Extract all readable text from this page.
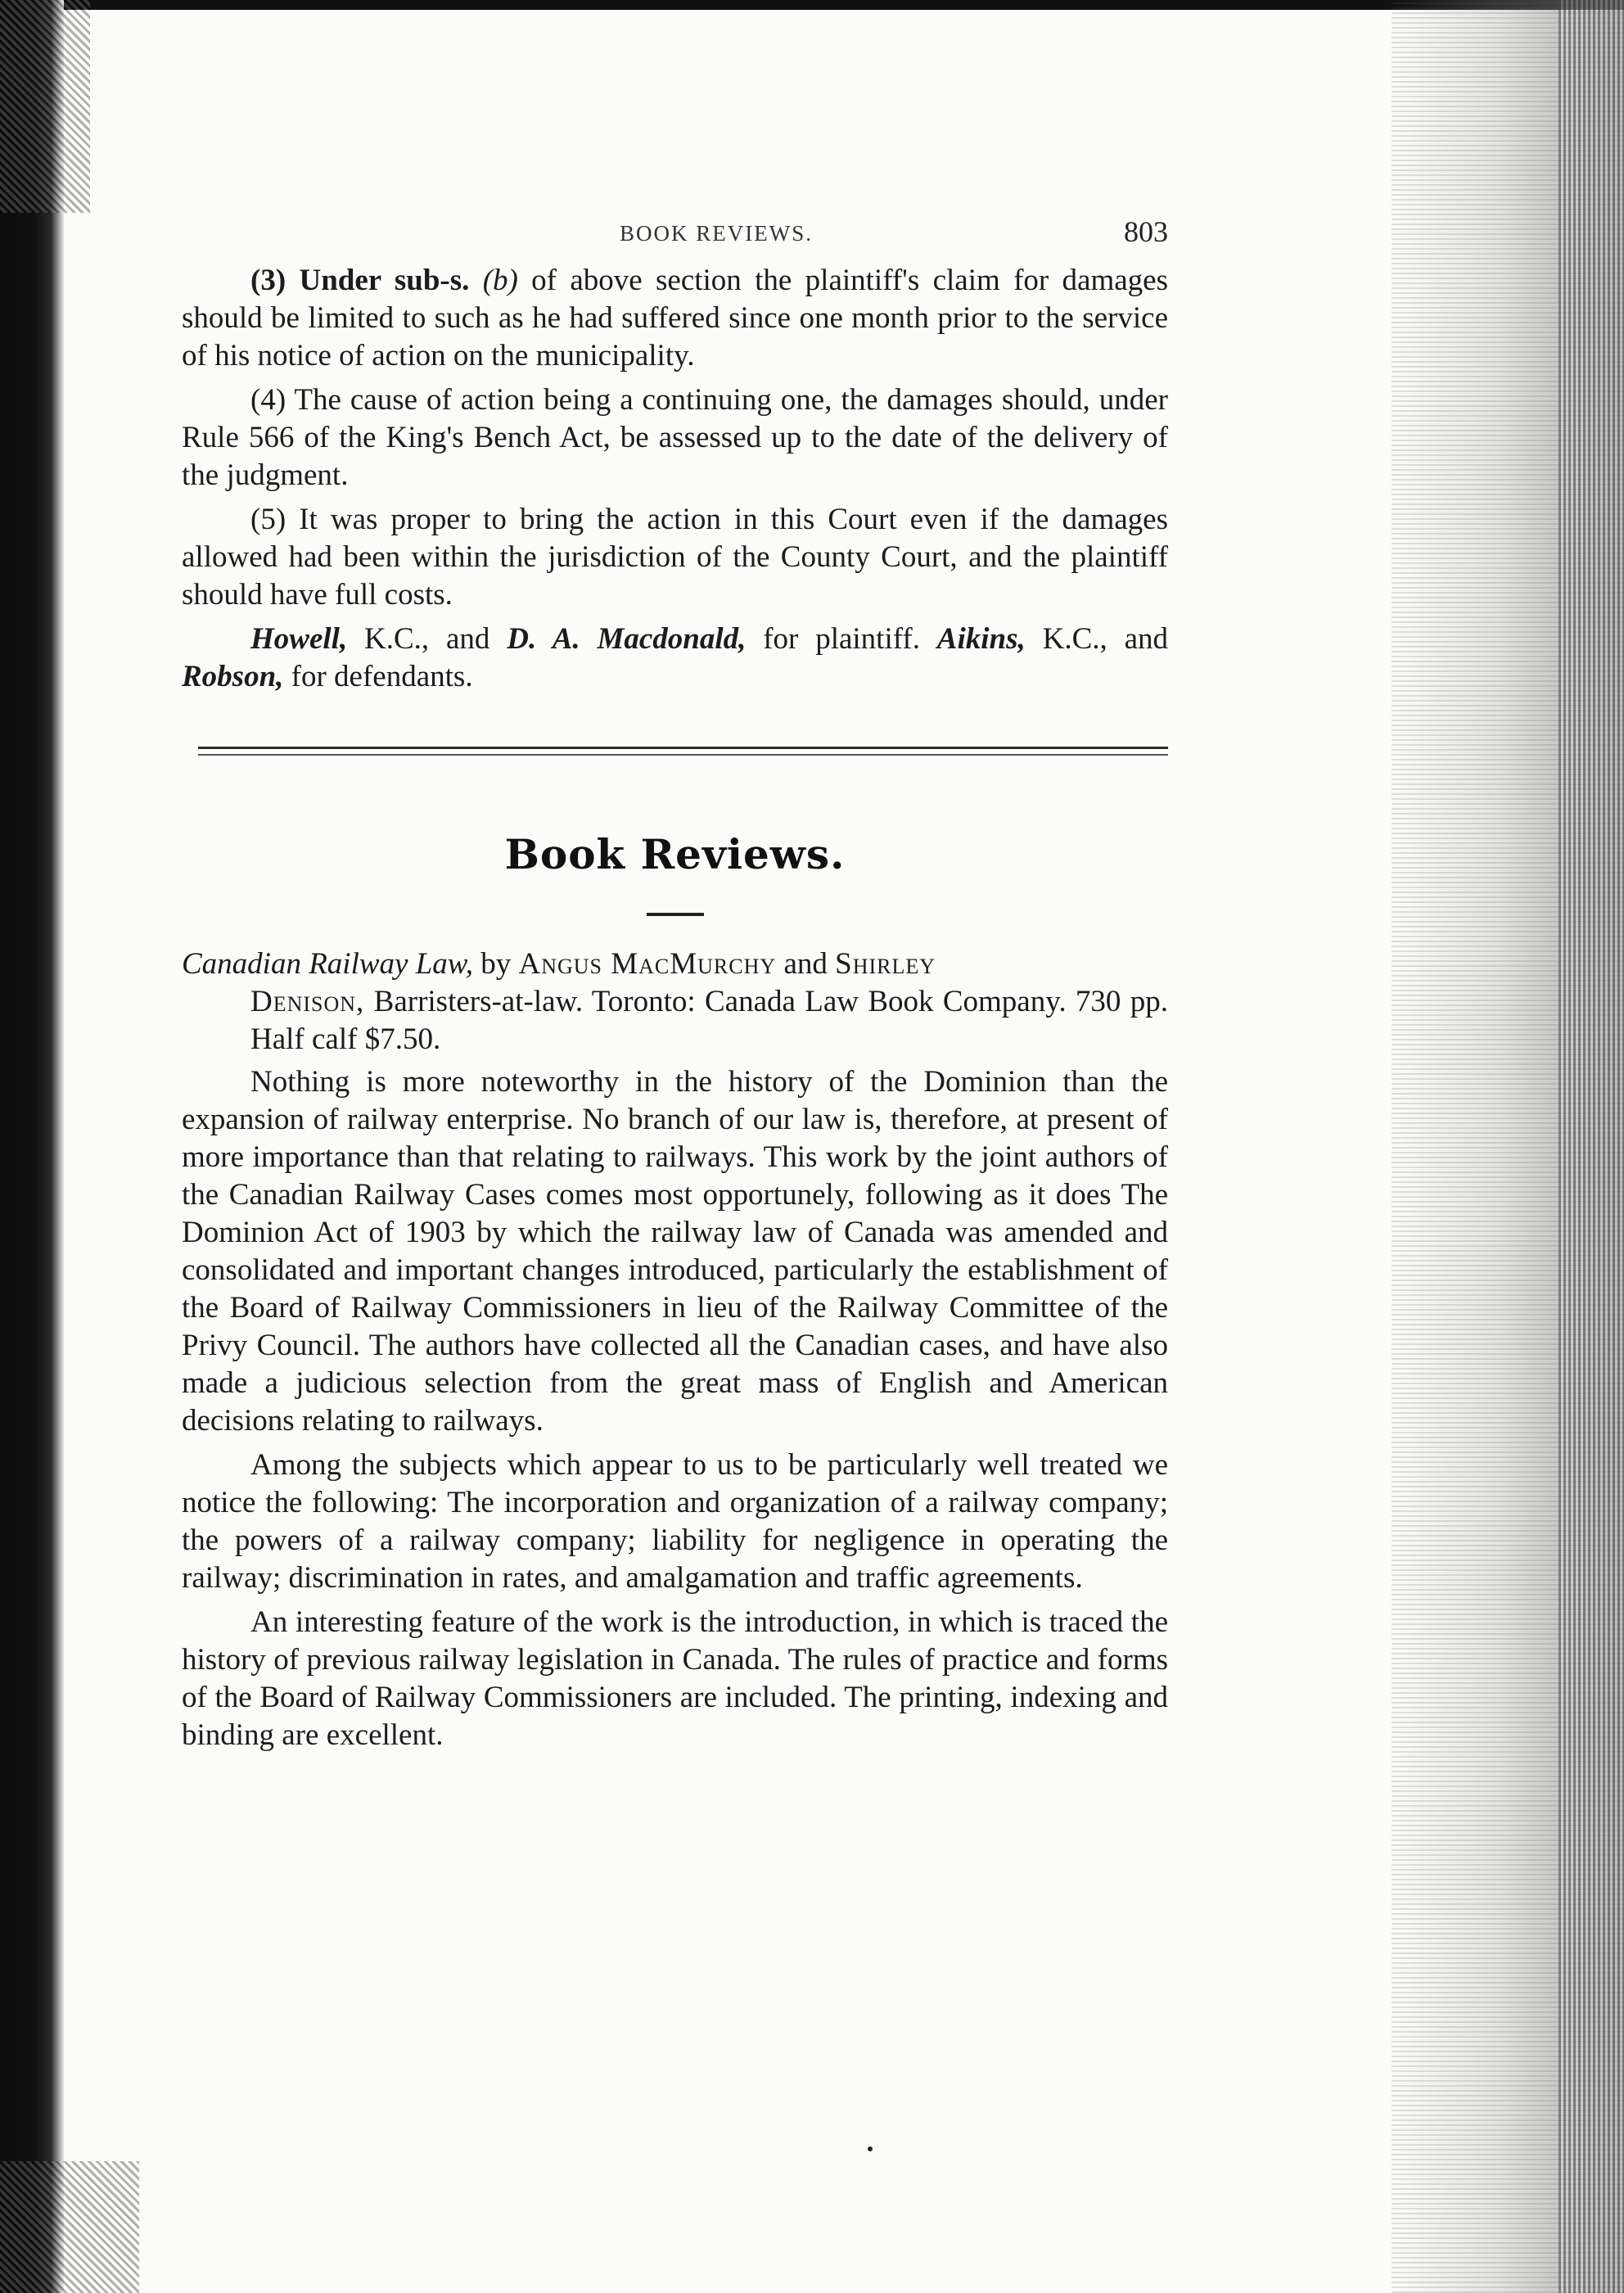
BOOK REVIEWS.	803

(3) Under sub-s. (b) of above section the plaintiff's claim for damages should be limited to such as he had suffered since one month prior to the service of his notice of action on the municipality.

(4) The cause of action being a continuing one, the damages should, under Rule 566 of the King's Bench Act, be assessed up to the date of the delivery of the judgment.

(5) It was proper to bring the action in this Court even if the damages allowed had been within the jurisdiction of the County Court, and the plaintiff should have full costs.

Howell, K.C., and D. A. Macdonald, for plaintiff. Aikins, K.C., and Robson, for defendants.

Book Reviews.
Canadian Railway Law, by Angus MacMurchy and Shirley
Denison, Barristers-at-law. Toronto: Canada Law Book Company. 730 pp. Half calf $7.50.

Nothing is more noteworthy in the history of the Dominion than the expansion of railway enterprise. No branch of our law is, therefore, at present of more importance than that relating to railways. This work by the joint authors of the Canadian Railway Cases comes most opportunely, following as it does The Dominion Act of 1903 by which the railway law of Canada was amended and consolidated and important changes introduced, particularly the establishment of the Board of Railway Commissioners in lieu of the Railway Committee of the Privy Council. The authors have collected all the Canadian cases, and have also made a judicious selection from the great mass of English and American decisions relating to railways.

Among the subjects which appear to us to be particularly well treated we notice the following: The incorporation and organization of a railway company; the powers of a railway company; liability for negligence in operating the railway; discrimination in rates, and amalgamation and traffic agreements.

An interesting feature of the work is the introduction, in which is traced the history of previous railway legislation in Canada. The rules of practice and forms of the Board of Railway Commissioners are included. The printing, indexing and binding are excellent.
